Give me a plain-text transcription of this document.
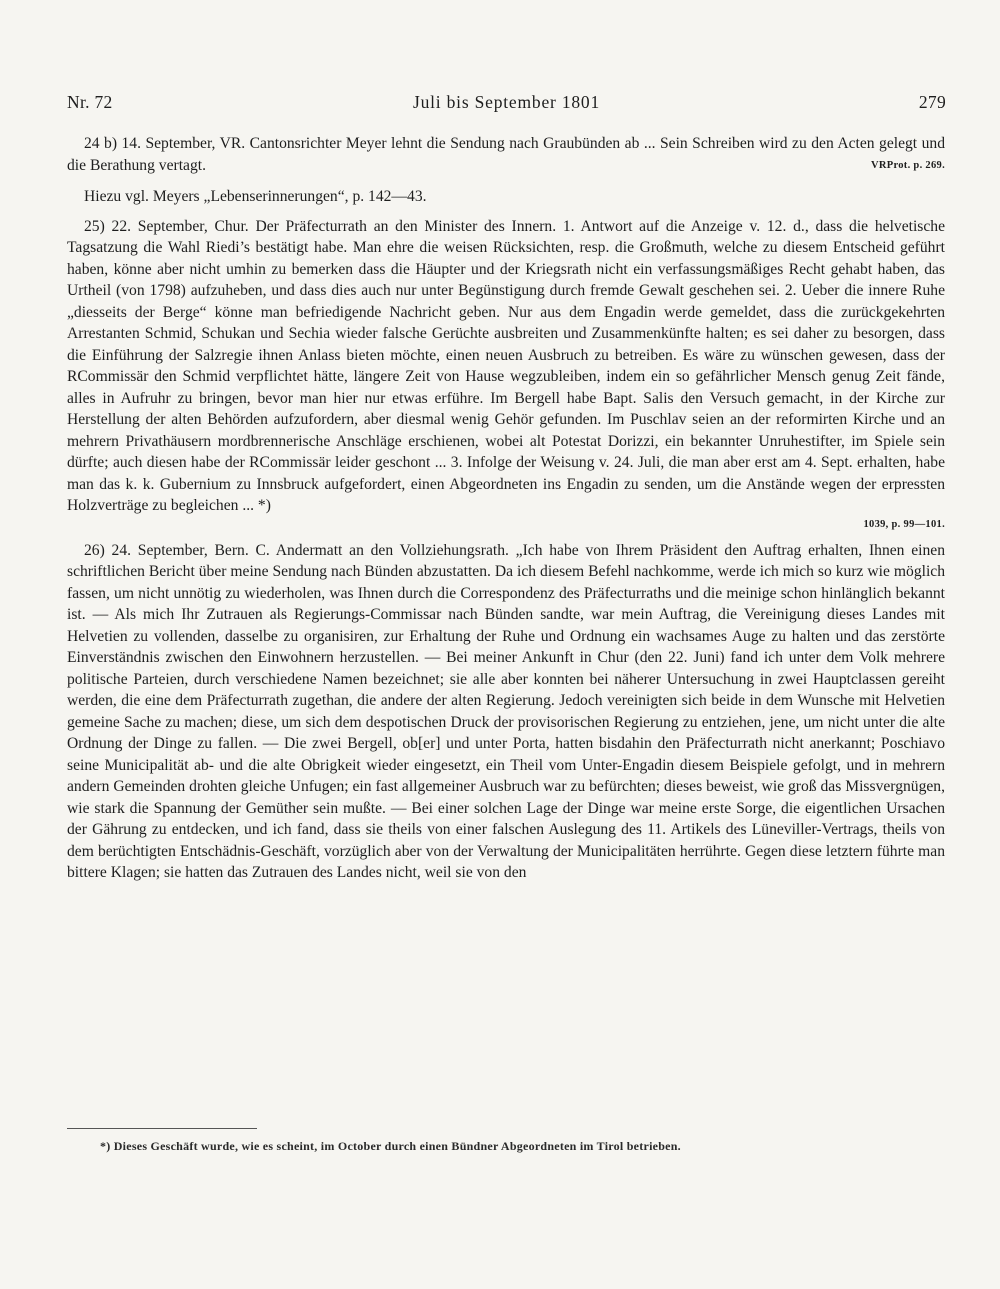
Nr. 72	Juli bis September 1801	279

24 b) 14. September, VR. Cantonsrichter Meyer lehnt die Sendung nach Graubünden ab ... Sein Schreiben wird zu den Acten gelegt und die Berathung vertagt.	VRProt. p. 269.

Hiezu vgl. Meyers „Lebenserinnerungen“, p. 142—43.

25) 22. September, Chur. Der Präfecturrath an den Minister des Innern. 1. Antwort auf die Anzeige v. 12. d., dass die helvetische Tagsatzung die Wahl Riedi’s bestätigt habe. Man ehre die weisen Rücksichten, resp. die Großmuth, welche zu diesem Entscheid geführt haben, könne aber nicht umhin zu bemerken dass die Häupter und der Kriegsrath nicht ein verfassungsmäßiges Recht gehabt haben, das Urtheil (von 1798) aufzuheben, und dass dies auch nur unter Begünstigung durch fremde Gewalt geschehen sei. 2. Ueber die innere Ruhe „diesseits der Berge“ könne man befriedigende Nachricht geben. Nur aus dem Engadin werde gemeldet, dass die zurückgekehrten Arrestanten Schmid, Schukan und Sechia wieder falsche Gerüchte ausbreiten und Zusammenkünfte halten; es sei daher zu besorgen, dass die Einführung der Salzregie ihnen Anlass bieten möchte, einen neuen Ausbruch zu betreiben. Es wäre zu wünschen gewesen, dass der RCommissär den Schmid verpflichtet hätte, längere Zeit von Hause wegzubleiben, indem ein so gefährlicher Mensch genug Zeit fände, alles in Aufruhr zu bringen, bevor man hier nur etwas erführe. Im Bergell habe Bapt. Salis den Versuch gemacht, in der Kirche zur Herstellung der alten Behörden aufzufordern, aber diesmal wenig Gehör gefunden. Im Puschlav seien an der reformirten Kirche und an mehrern Privathäusern mordbrennerische Anschläge erschienen, wobei alt Potestat Dorizzi, ein bekannter Unruhestifter, im Spiele sein dürfte; auch diesen habe der RCommissär leider geschont ... 3. Infolge der Weisung v. 24. Juli, die man aber erst am 4. Sept. erhalten, habe man das k. k. Gubernium zu Innsbruck aufgefordert, einen Abgeordneten ins Engadin zu senden, um die Anstände wegen der erpressten Holzverträge zu begleichen ... *)

1039, p. 99—101.

26) 24. September, Bern. C. Andermatt an den Vollziehungsrath. „Ich habe von Ihrem Präsident den Auftrag erhalten, Ihnen einen schriftlichen Bericht über meine Sendung nach Bünden abzustatten. Da ich diesem Befehl nachkomme, werde ich mich so kurz wie möglich fassen, um nicht unnötig zu wiederholen, was Ihnen durch die Correspondenz des Präfecturraths und die meinige schon hinlänglich bekannt ist. — Als mich Ihr Zutrauen als Regierungs-Commissar nach Bünden sandte, war mein Auftrag, die Vereinigung dieses Landes mit Helvetien zu vollenden, dasselbe zu organisiren, zur Erhaltung der Ruhe und Ordnung ein wachsames Auge zu halten und das zerstörte Einverständnis zwischen den Einwohnern herzustellen. — Bei meiner Ankunft in Chur (den 22. Juni) fand ich unter dem Volk mehrere politische Parteien, durch verschiedene Namen bezeichnet; sie alle aber konnten bei näherer Untersuchung in zwei Hauptclassen gereiht werden, die eine dem Präfecturrath zugethan, die andere der alten Regierung. Jedoch vereinigten sich beide in dem Wunsche mit Helvetien gemeine Sache zu machen; diese, um sich dem despotischen Druck der provisorischen Regierung zu entziehen, jene, um nicht unter die alte Ordnung der Dinge zu fallen. — Die zwei Bergell, ob[er] und unter Porta, hatten bisdahin den Präfecturrath nicht anerkannt; Poschiavo seine Municipalität ab- und die alte Obrigkeit wieder eingesetzt, ein Theil vom Unter-Engadin diesem Beispiele gefolgt, und in mehrern andern Gemeinden drohten gleiche Unfugen; ein fast allgemeiner Ausbruch war zu befürchten; dieses beweist, wie groß das Missvergnügen, wie stark die Spannung der Gemüther sein mußte. — Bei einer solchen Lage der Dinge war meine erste Sorge, die eigentlichen Ursachen der Gährung zu entdecken, und ich fand, dass sie theils von einer falschen Auslegung des 11. Artikels des Lüneviller-Vertrags, theils von dem berüchtigten Entschädnis-Geschäft, vorzüglich aber von der Verwaltung der Municipalitäten herrührte. Gegen diese letztern führte man bittere Klagen; sie hatten das Zutrauen des Landes nicht, weil sie von den

*) Dieses Geschäft wurde, wie es scheint, im October durch einen Bündner Abgeordneten im Tirol betrieben.
